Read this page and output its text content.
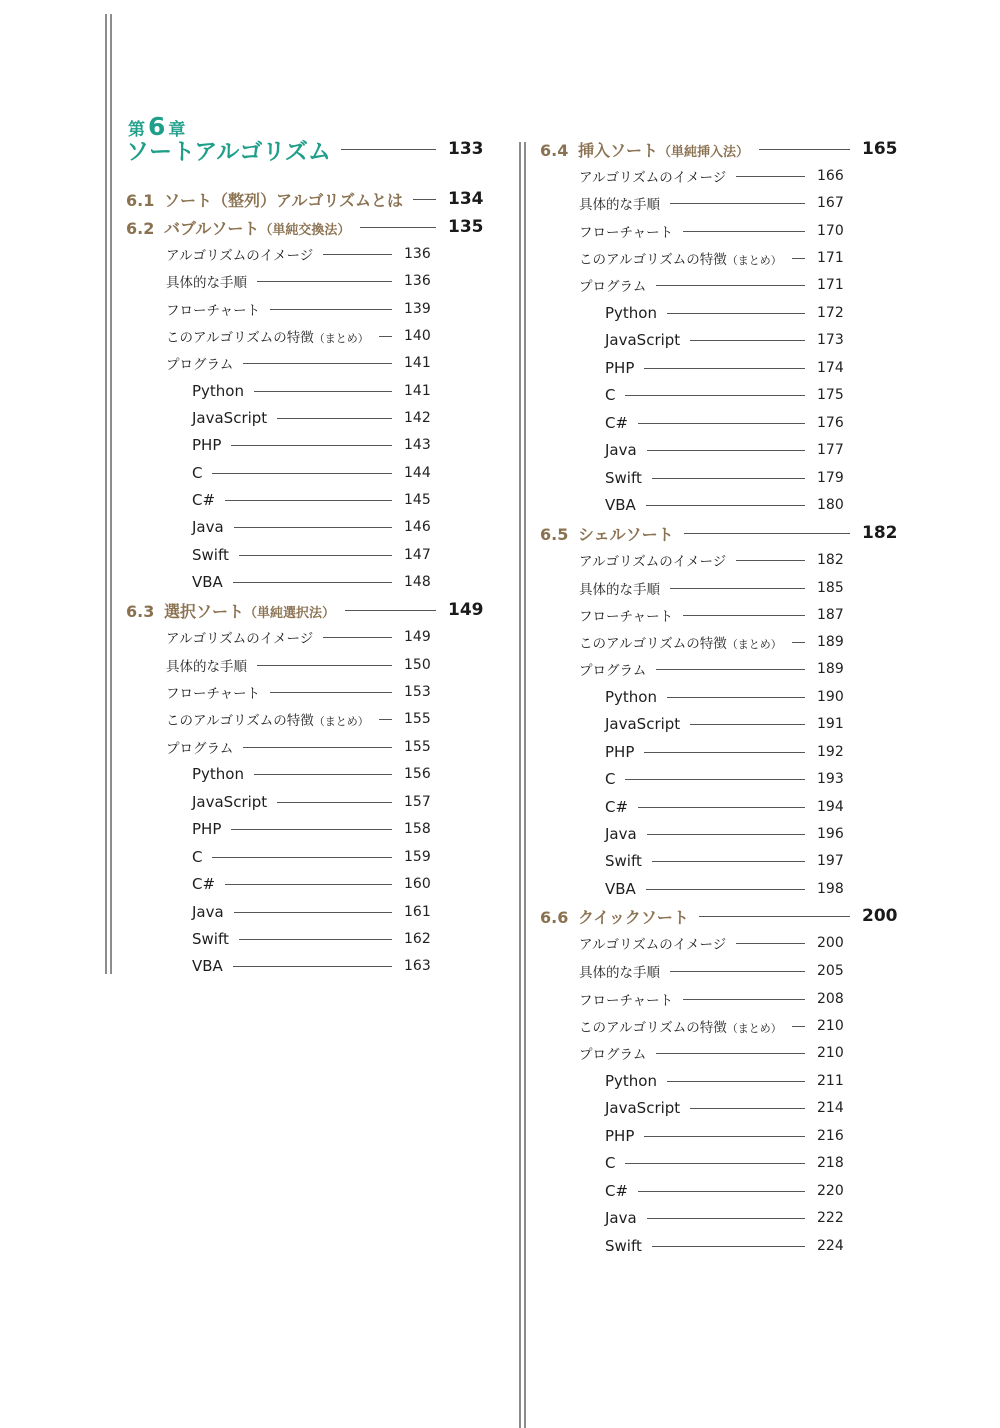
第 6 章
ソートアルゴリズム	133
6.1 ソート（整列）アルゴリズムとは	134
6.2 バブルソート（単純交換法）	135
アルゴリズムのイメージ	136
具体的な手順	136
フローチャート	139
このアルゴリズムの特徴（まとめ）	140
プログラム	141
Python	141
JavaScript	142
PHP	143
C	144
C#	145
Java	146
Swift	147
VBA	148
6.3 選択ソート（単純選択法）	149
アルゴリズムのイメージ	149
具体的な手順	150
フローチャート	153
このアルゴリズムの特徴（まとめ）	155
プログラム	155
Python	156
JavaScript	157
PHP	158
C	159
C#	160
Java	161
Swift	162
VBA	163
6.4 挿入ソート（単純挿入法）	165
アルゴリズムのイメージ	166
具体的な手順	167
フローチャート	170
このアルゴリズムの特徴（まとめ）	171
プログラム	171
Python	172
JavaScript	173
PHP	174
C	175
C#	176
Java	177
Swift	179
VBA	180
6.5 シェルソート	182
アルゴリズムのイメージ	182
具体的な手順	185
フローチャート	187
このアルゴリズムの特徴（まとめ）	189
プログラム	189
Python	190
JavaScript	191
PHP	192
C	193
C#	194
Java	196
Swift	197
VBA	198
6.6 クイックソート	200
アルゴリズムのイメージ	200
具体的な手順	205
フローチャート	208
このアルゴリズムの特徴（まとめ）	210
プログラム	210
Python	211
JavaScript	214
PHP	216
C	218
C#	220
Java	222
Swift	224
